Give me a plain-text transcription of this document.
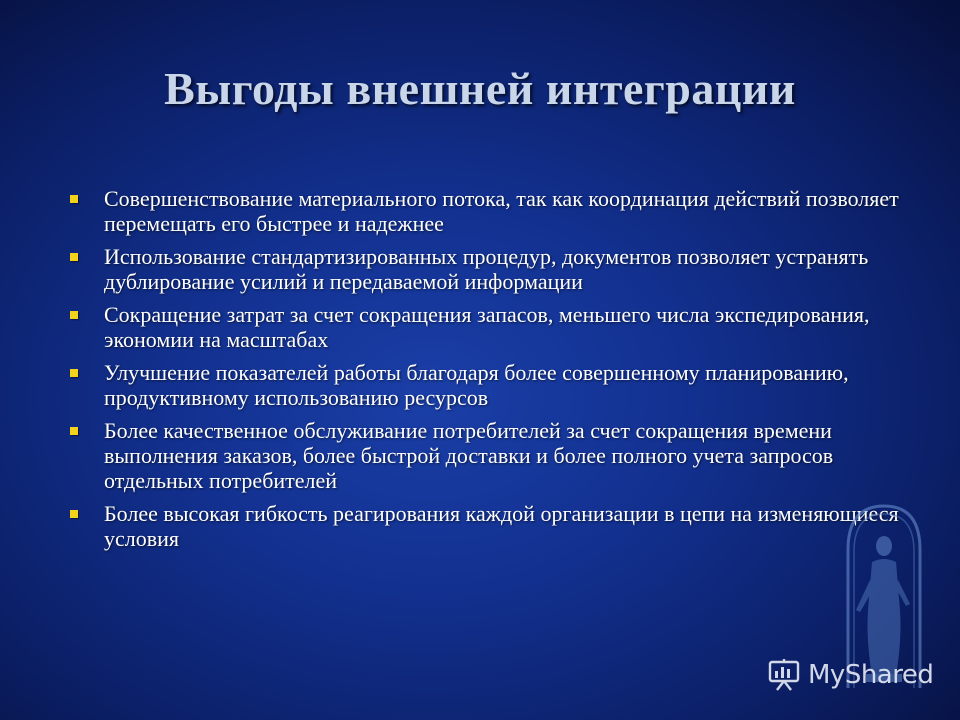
Выгоды внешней интеграции
Совершенствование материального потока, так как координация действий позволяет перемещать его быстрее и надежнее
Использование стандартизированных процедур, документов позволяет устранять дублирование усилий и передаваемой информации
Сокращение затрат за счет сокращения запасов, меньшего числа экспедирования, экономии на масштабах
Улучшение показателей работы благодаря более совершенному планированию, продуктивному использованию ресурсов
Более качественное обслуживание потребителей за счет сокращения времени выполнения заказов, более быстрой доставки и более полного учета запросов отдельных потребителей
Более высокая гибкость реагирования каждой организации в цепи на изменяющиеся условия
MyShared
